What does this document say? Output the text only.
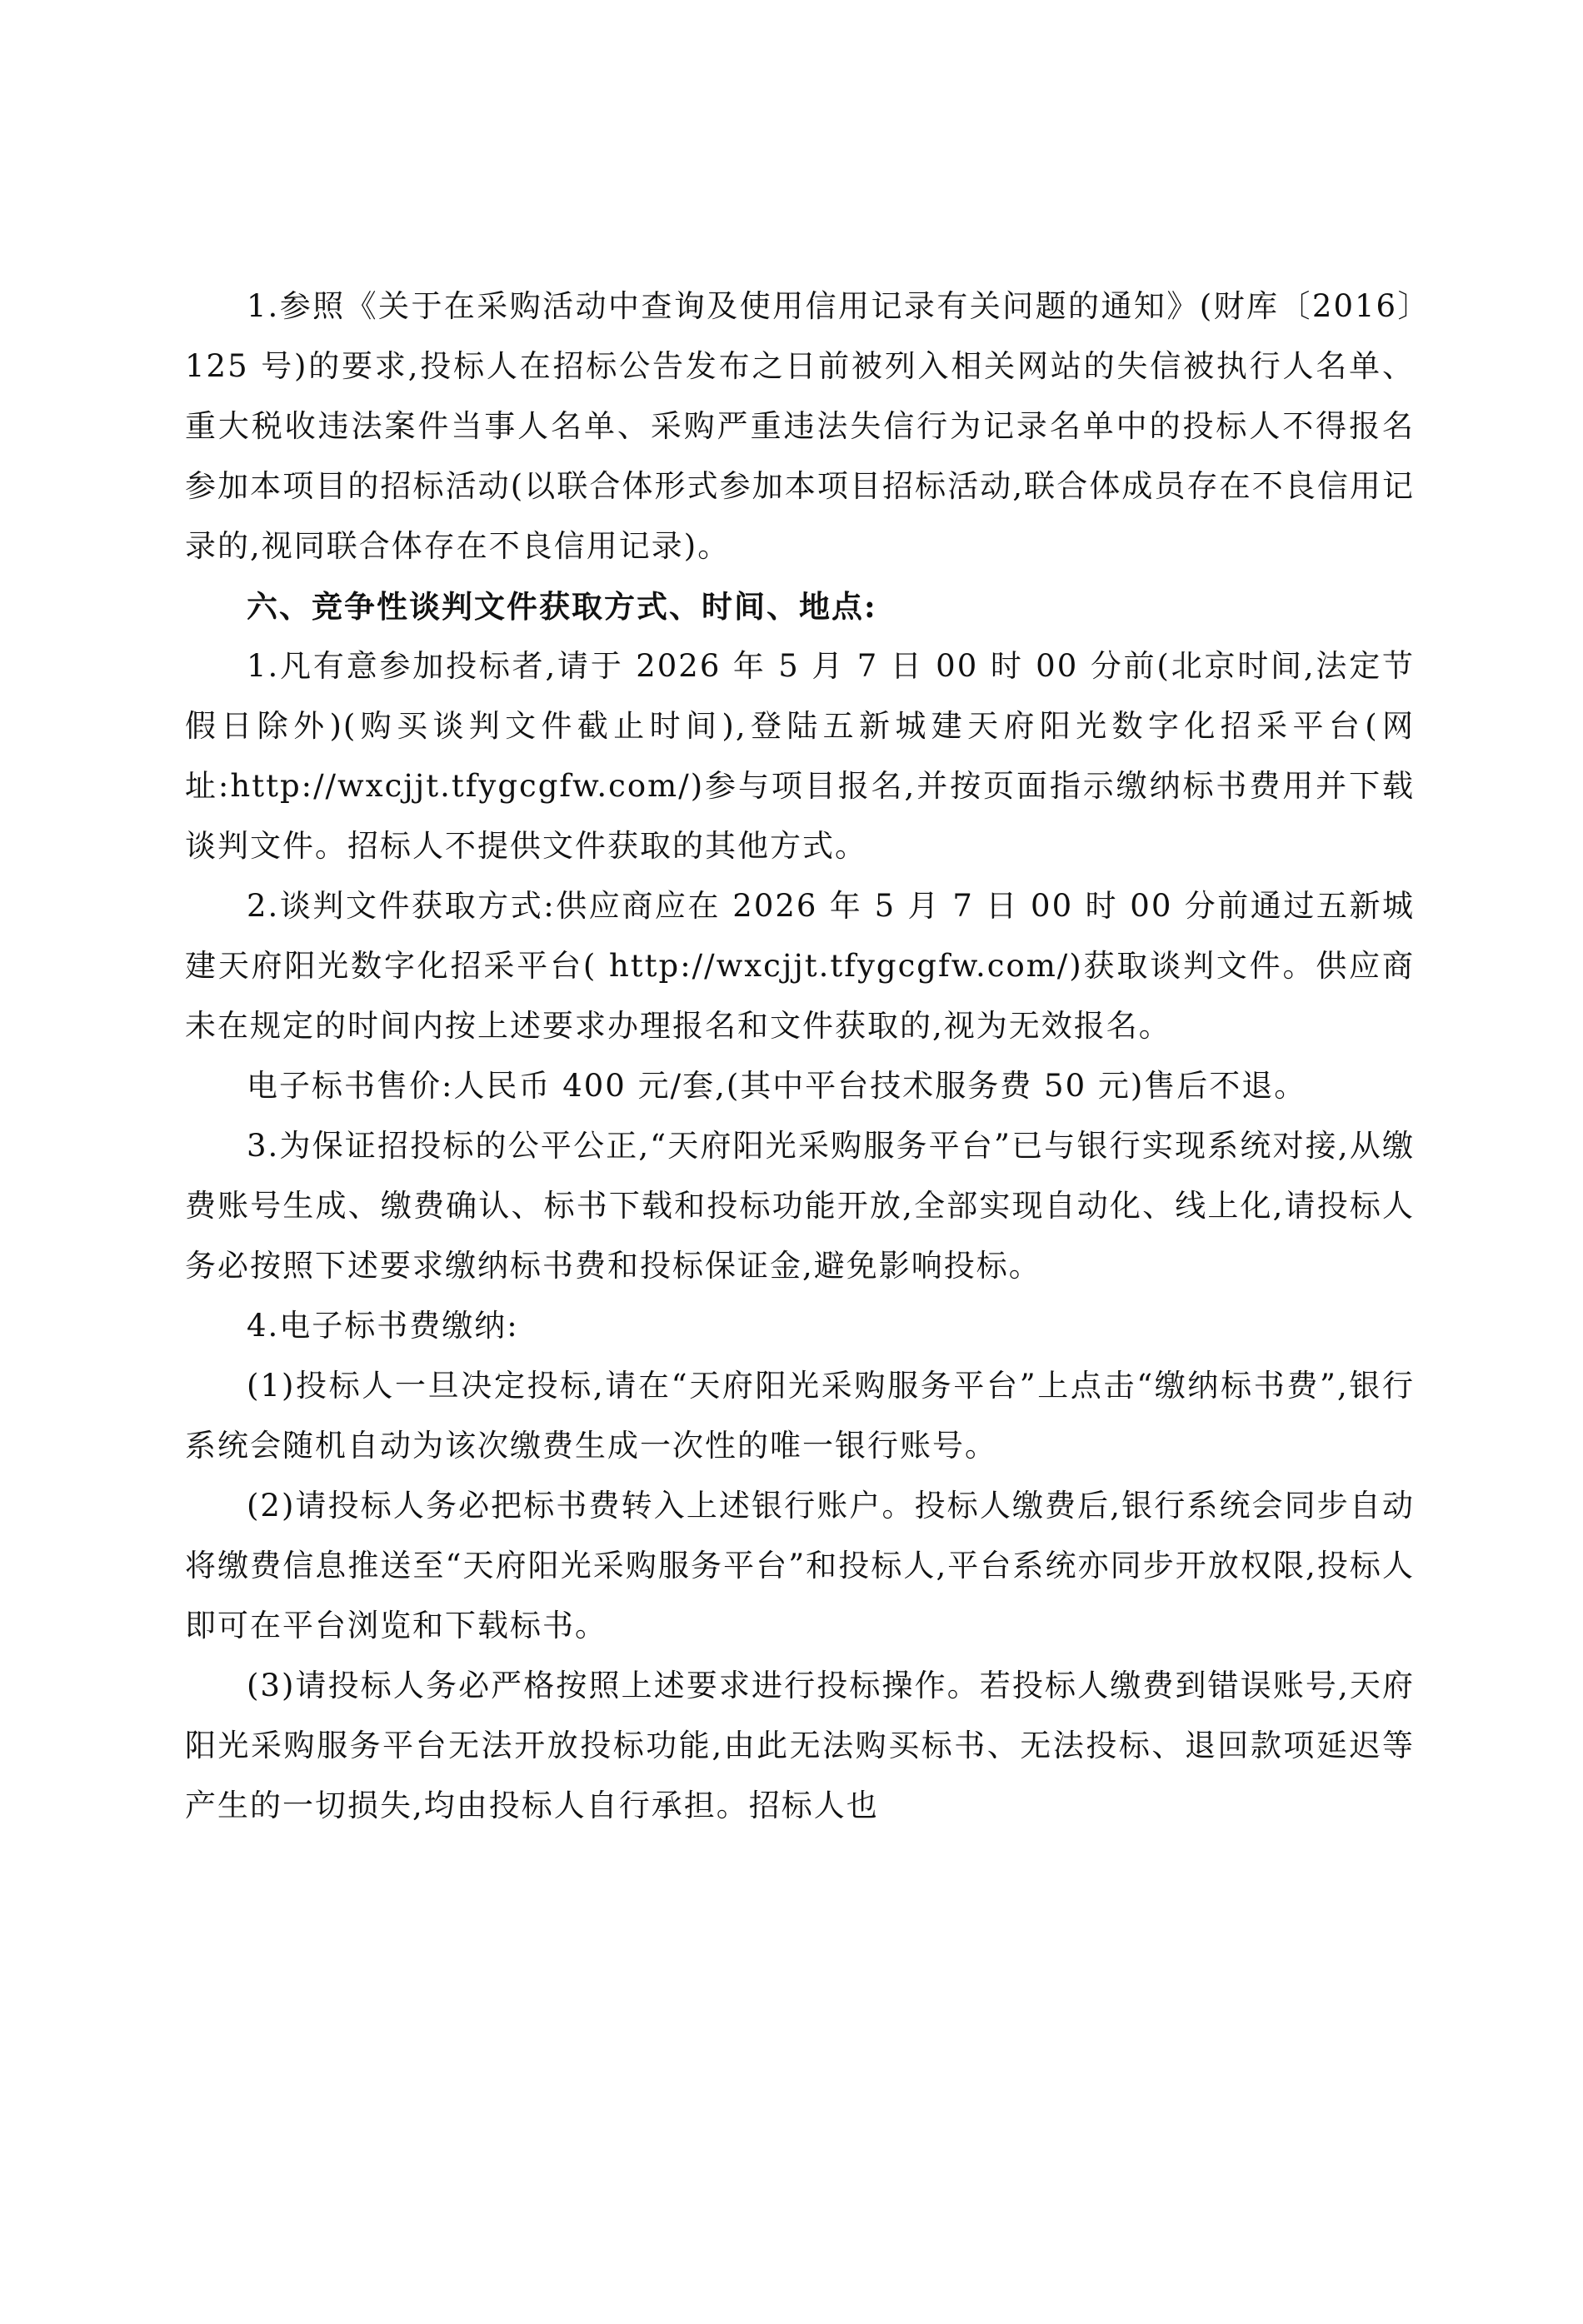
1.参照《关于在采购活动中查询及使用信用记录有关问题的通知》(财库〔2016〕125 号)的要求,投标人在招标公告发布之日前被列入相关网站的失信被执行人名单、重大税收违法案件当事人名单、采购严重违法失信行为记录名单中的投标人不得报名参加本项目的招标活动(以联合体形式参加本项目招标活动,联合体成员存在不良信用记录的,视同联合体存在不良信用记录)。

六、竞争性谈判文件获取方式、时间、地点:

1.凡有意参加投标者,请于 2026 年 5 月 7 日 00 时 00 分前(北京时间,法定节假日除外)(购买谈判文件截止时间),登陆五新城建天府阳光数字化招采平台(网址:http://wxcjjt.tfygcgfw.com/)参与项目报名,并按页面指示缴纳标书费用并下载谈判文件。招标人不提供文件获取的其他方式。

2.谈判文件获取方式:供应商应在 2026 年 5 月 7 日 00 时 00 分前通过五新城建天府阳光数字化招采平台( http://wxcjjt.tfygcgfw.com/)获取谈判文件。供应商未在规定的时间内按上述要求办理报名和文件获取的,视为无效报名。

电子标书售价:人民币 400 元/套,(其中平台技术服务费 50 元)售后不退。

3.为保证招投标的公平公正,“天府阳光采购服务平台”已与银行实现系统对接,从缴费账号生成、缴费确认、标书下载和投标功能开放,全部实现自动化、线上化,请投标人务必按照下述要求缴纳标书费和投标保证金,避免影响投标。

4.电子标书费缴纳:

(1)投标人一旦决定投标,请在“天府阳光采购服务平台”上点击“缴纳标书费”,银行系统会随机自动为该次缴费生成一次性的唯一银行账号。

(2)请投标人务必把标书费转入上述银行账户。投标人缴费后,银行系统会同步自动将缴费信息推送至“天府阳光采购服务平台”和投标人,平台系统亦同步开放权限,投标人即可在平台浏览和下载标书。

(3)请投标人务必严格按照上述要求进行投标操作。若投标人缴费到错误账号,天府阳光采购服务平台无法开放投标功能,由此无法购买标书、无法投标、退回款项延迟等产生的一切损失,均由投标人自行承担。招标人也
